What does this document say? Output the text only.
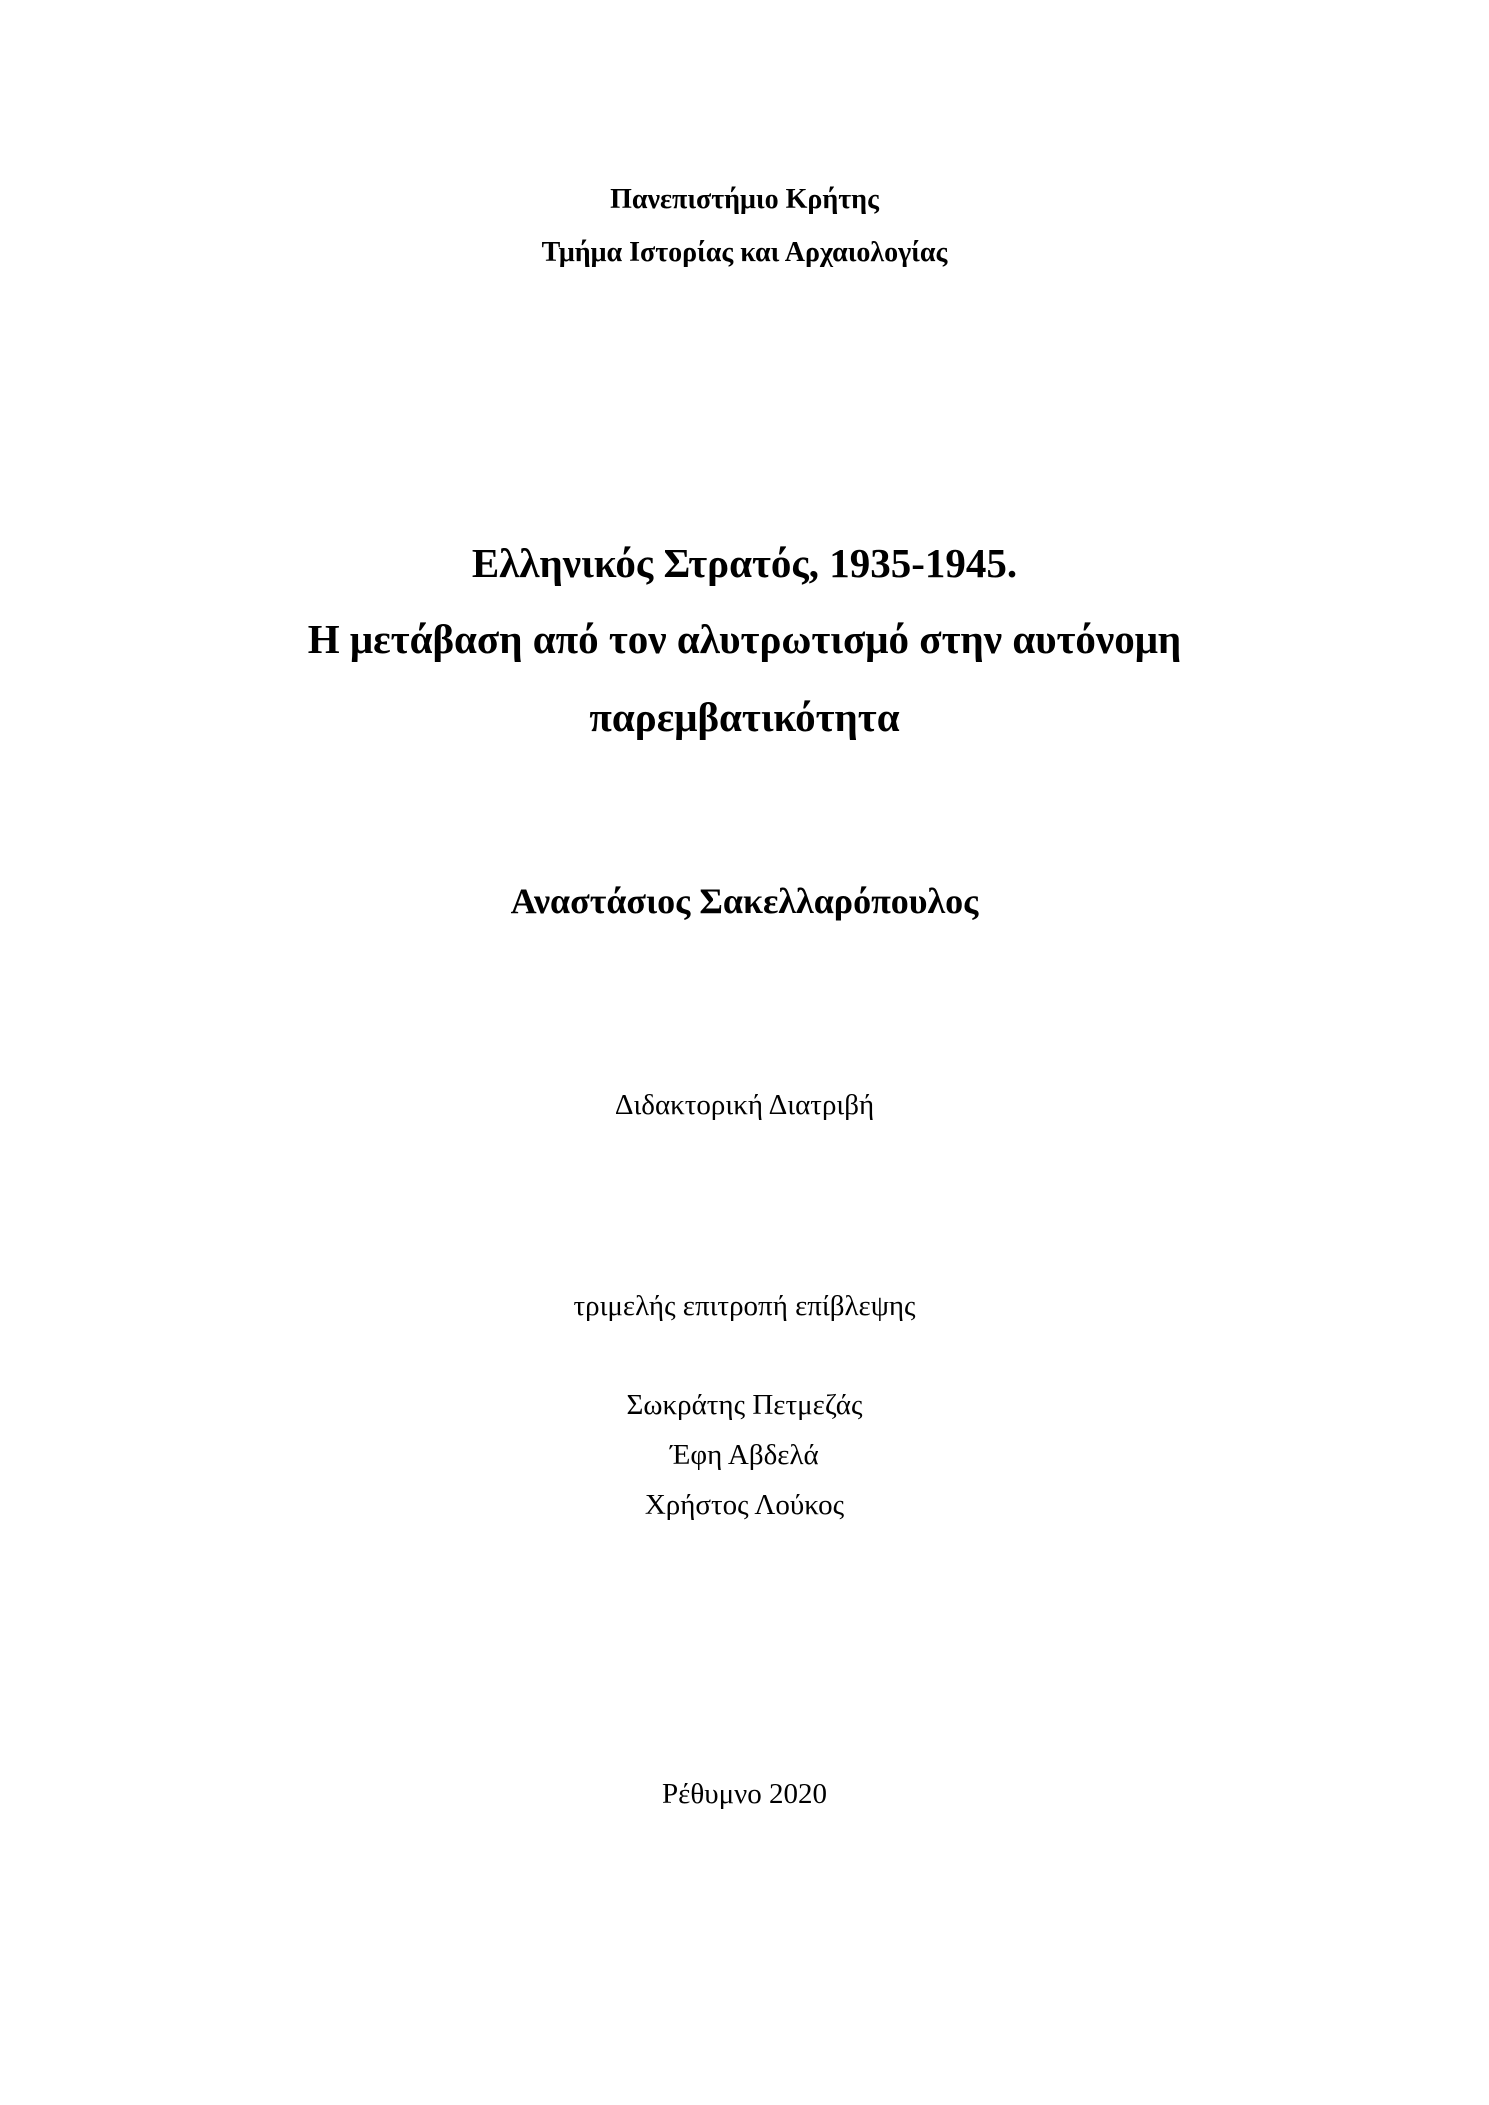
Πανεπιστήμιο Κρήτης
Τμήμα Ιστορίας και Αρχαιολογίας
Ελληνικός Στρατός, 1935-1945.
Η μετάβαση από τον αλυτρωτισμό στην αυτόνομη
παρεμβατικότητα
Αναστάσιος Σακελλαρόπουλος
Διδακτορική Διατριβή
τριμελής επιτροπή επίβλεψης
Σωκράτης Πετμεζάς
Έφη Αβδελά
Χρήστος Λούκος
Ρέθυμνο 2020
